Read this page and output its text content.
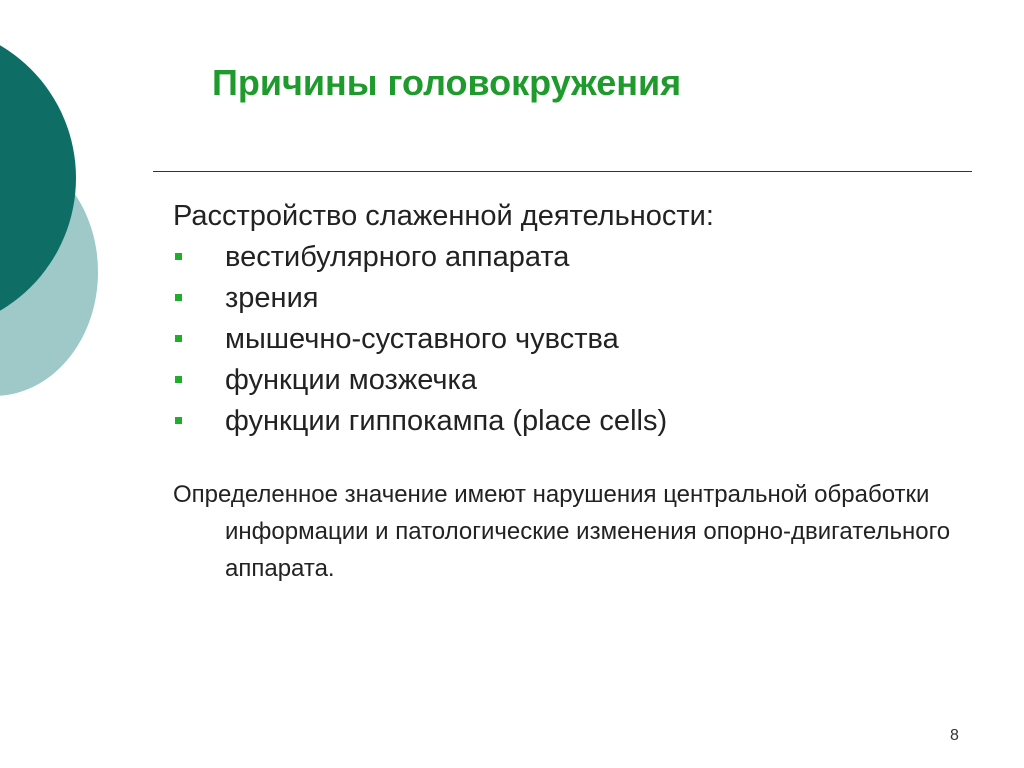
Причины головокружения
Расстройство слаженной деятельности:
вестибулярного аппарата
зрения
мышечно-суставного чувства
функции мозжечка
функции гиппокампа (place cells)
Определенное значение имеют нарушения центральной обработки информации и патологические изменения опорно-двигательного аппарата.
8
